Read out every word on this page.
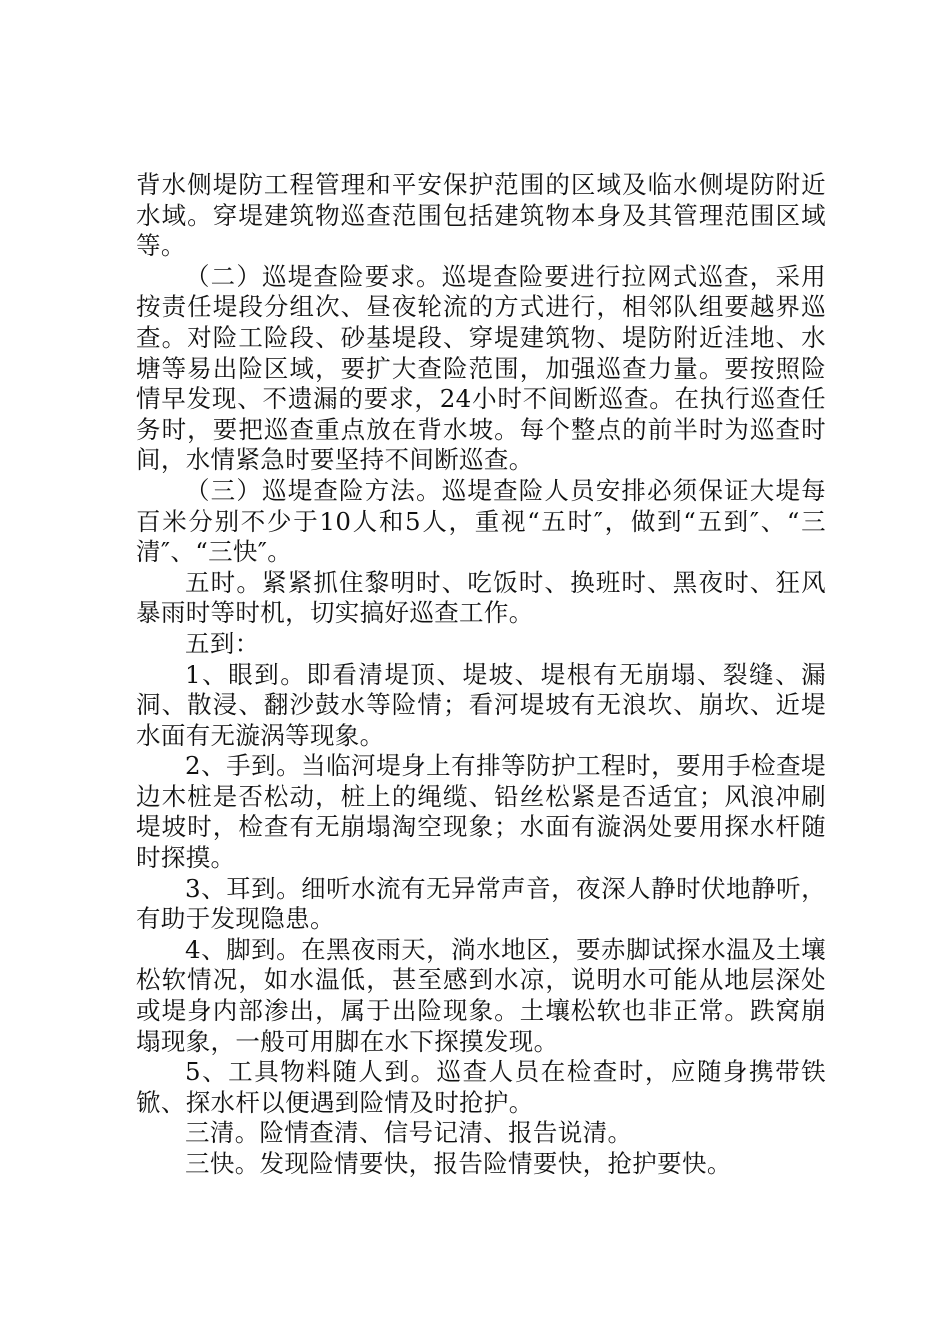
背水侧堤防工程管理和平安保护范围的区域及临水侧堤防附近水域。穿堤建筑物巡查范围包括建筑物本身及其管理范围区域等。

（二）巡堤查险要求。巡堤查险要进行拉网式巡查，采用按责任堤段分组次、昼夜轮流的方式进行，相邻队组要越界巡查。对险工险段、砂基堤段、穿堤建筑物、堤防附近洼地、水塘等易出险区域，要扩大查险范围，加强巡查力量。要按照险情早发现、不遗漏的要求，24小时不间断巡查。在执行巡查任务时，要把巡查重点放在背水坡。每个整点的前半时为巡查时间，水情紧急时要坚持不间断巡查。

（三）巡堤查险方法。巡堤查险人员安排必须保证大堤每百米分别不少于10人和5人，重视“五时″，做到“五到″、“三清″、“三快″。

五时。紧紧抓住黎明时、吃饭时、换班时、黑夜时、狂风暴雨时等时机，切实搞好巡查工作。

五到：

1、眼到。即看清堤顶、堤坡、堤根有无崩塌、裂缝、漏洞、散浸、翻沙鼓水等险情；看河堤坡有无浪坎、崩坎、近堤水面有无漩涡等现象。

2、手到。当临河堤身上有排等防护工程时，要用手检查堤边木桩是否松动，桩上的绳缆、铅丝松紧是否适宜；风浪冲刷堤坡时，检查有无崩塌淘空现象；水面有漩涡处要用探水杆随时探摸。

3、耳到。细听水流有无异常声音，夜深人静时伏地静听，有助于发现隐患。

4、脚到。在黑夜雨天，淌水地区，要赤脚试探水温及土壤松软情况，如水温低，甚至感到水凉，说明水可能从地层深处或堤身内部渗出，属于出险现象。土壤松软也非正常。跌窝崩塌现象，一般可用脚在水下探摸发现。

5、工具物料随人到。巡查人员在检查时，应随身携带铁锨、探水杆以便遇到险情及时抢护。

三清。险情查清、信号记清、报告说清。

三快。发现险情要快，报告险情要快，抢护要快。
